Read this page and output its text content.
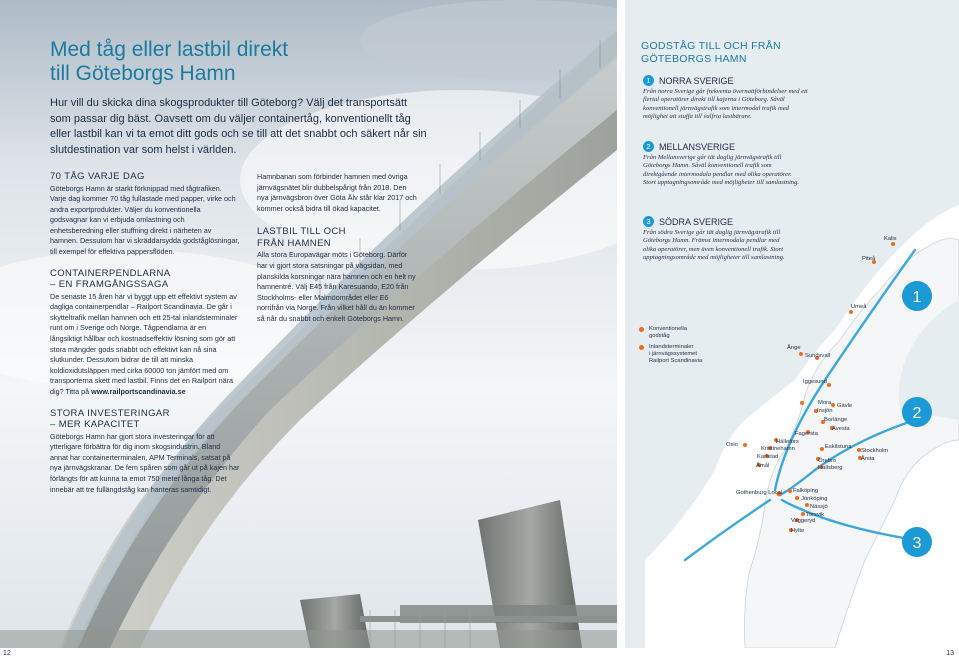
Med tåg eller lastbil direkt
till Göteborgs Hamn

Hur vill du skicka dina skogsprodukter till Göteborg? Välj det transportsätt som passar dig bäst. Oavsett om du väljer containertåg, konventionellt tåg eller lastbil kan vi ta emot ditt gods och se till att det snabbt och säkert når sin slutdestination var som helst i världen.

70 TÅG VARJE DAG

Göteborgs Hamn är starkt förknippad med tågtrafiken. Varje dag kommer 70 tåg fullastade med papper, virke och andra exportprodukter. Väljer du konventionella godsvagnar kan vi erbjuda omlastning och enhetsberedning eller stuffning direkt i närheten av hamnen. Dessutom har vi skräddarsydda godståglösningar, till exempel för effektiva pappersflöden.

CONTAINERPENDLARNA
– EN FRAMGÅNGSSAGA

De senaste 15 åren har vi byggt upp ett effektivt system av dagliga containerpendlar – Railport Scandinavia. De går i skytteltrafik mellan hamnen och ett 25-tal inlandsterminaler runt om i Sverige och Norge. Tågpendlarna är en långsiktigt hållbar och kostnadseffektiv lösning som gör att stora mängder gods snabbt och effektivt kan nå sina slutkunder. Dessutom bidrar de till att minska koldioxidutsläppen med cirka 60000 ton jämfört med om transporterna skett med lastbil. Finns det en Railport nära dig? Titta på www.railportscandinavia.se

STORA INVESTERINGAR
– MER KAPACITET

Göteborgs Hamn har gjort stora investeringar för att ytterligare förbättra för dig inom skogsindustrin. Bland annat har containerterminalen, APM Terminals, satsat på nya järnvägskranar. De fem spåren som går ut på kajen har förlängts för att kunna ta emot 750 meter långa tåg. Det innebär att tre fullängdståg kan hanteras samtidigt.

Hamnbanan som förbinder hamnen med övriga järnvägsnätet blir dubbelspårigt från 2018. Den nya järnvägsbron över Göta Älv står klar 2017 och kommer också bidra till ökad kapacitet.

LASTBIL TILL OCH
FRÅN HAMNEN

Alla stora Europavägar möts i Göteborg. Därför har vi gjort stora satsningar på vägsidan, med planskilda korsningar nära hamnen och en helt ny hamnentré. Välj E45 från Karesuando, E20 från Stockholms- eller Malmöområdet eller E6 norrifrån via Norge. Från vilket håll du än kommer så når du snabbt och enkelt Göteborgs Hamn.

1
2
3
Kalix
Piteå
Umeå
Ånge
Sundsvall
Iggesund
Mora
Insjön
Gävle
Borlänge
Avesta
Fagersta
Oslo	Hällefors
Kristinehamn
Karlstad
Eskilstuna
Örebro
Hallsberg
Åmål
Stockholm
Årsta
Gothenburg Local Falköping
Jönköping
Nässjö
Torsvik
Vaggeryd
Hylte
GODSTÅG TILL OCH FRÅN
GÖTEBORGS HAMN
1 NORRA SVERIGE

Från norra Sverige går frekventa övernattförbindelser med ett flertal operatörer direkt till kajerna i Göteborg. Såväl konventionell järnvägstrafik som intermodal trafik med möjlighet att stuffa till valfria lastbärare.

2 MELLANSVERIGE

Från Mellansverige går tät daglig järnvägstrafik till Göteborgs Hamn. Såväl konventionell trafik som direktgående intermodala pendlar med olika operatörer. Stort upptagningsområde med möjligheter till samlastning.

3 SÖDRA SVERIGE

Från södra Sverige går tät daglig järnvägstrafik till Göteborgs Hamn. Främst intermodala pendlar med olika operatörer, men även konventionell trafik. Stort upptagningsområde med möjligheter till samlastning.

Konventionella
godståg
Inlandsterminaler
i järnvägssystemet
Railport Scandinavia
12	13
